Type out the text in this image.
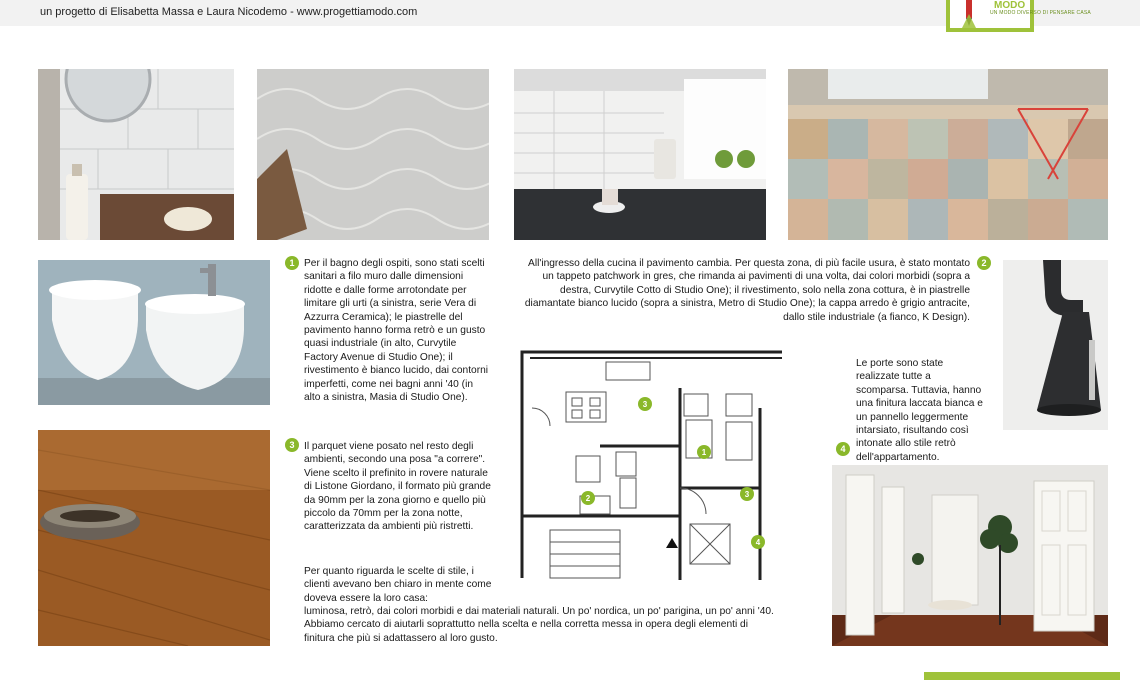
un progetto di Elisabetta Massa e Laura Nicodemo - www.progettiamodo.com
MODO
UN MODO DIVERSO DI PENSARE CASA
1 Per il bagno degli ospiti, sono stati scelti sanitari a filo muro dalle dimensioni ridotte e dalle forme arrotondate per limitare gli urti (a sinistra, serie Vera di Azzurra Ceramica); le piastrelle del pavimento hanno forma retrò e un gusto quasi industriale (in alto, Curvytile Factory Avenue di Studio One); il rivestimento è bianco lucido, dai contorni imperfetti, come nei bagni anni '40 (in alto a sinistra, Masia di Studio One).

2

All'ingresso della cucina il pavimento cambia. Per questa zona, di più facile usura, è stato montato un tappeto patchwork in gres, che rimanda ai pavimenti di una volta, dai colori morbidi (sopra a destra, Curvytile Cotto di Studio One); il rivestimento, solo nella zona cottura, è in piastrelle diamantate bianco lucido (sopra a sinistra, Metro di Studio One); la cappa arredo è grigio antracite, dallo stile industriale (a fianco, K Design).

3 Il parquet viene posato nel resto degli ambienti, secondo una posa "a correre". Viene scelto il prefinito in rovere naturale di Listone Giordano, il formato più grande da 90mm per la zona giorno e quello più piccolo da 70mm per la zona notte, caratterizzata da ambienti più ristretti.

4

Le porte sono state realizzate tutte a scomparsa. Tuttavia, hanno una finitura laccata bianca e un pannello leggermente intarsiato, risultando così intonate allo stile retrò dell'appartamento.

Per quanto riguarda le scelte di stile, i clienti avevano ben chiaro in mente come doveva essere la loro casa:

luminosa, retrò, dai colori morbidi e dai materiali naturali. Un po' nordica, un po' parigina, un po' anni '40. Abbiamo cercato di aiutarli soprattutto nella scelta e nella corretta messa in opera degli elementi di finitura che più si adattassero al loro gusto.

3
1
2	3
4
